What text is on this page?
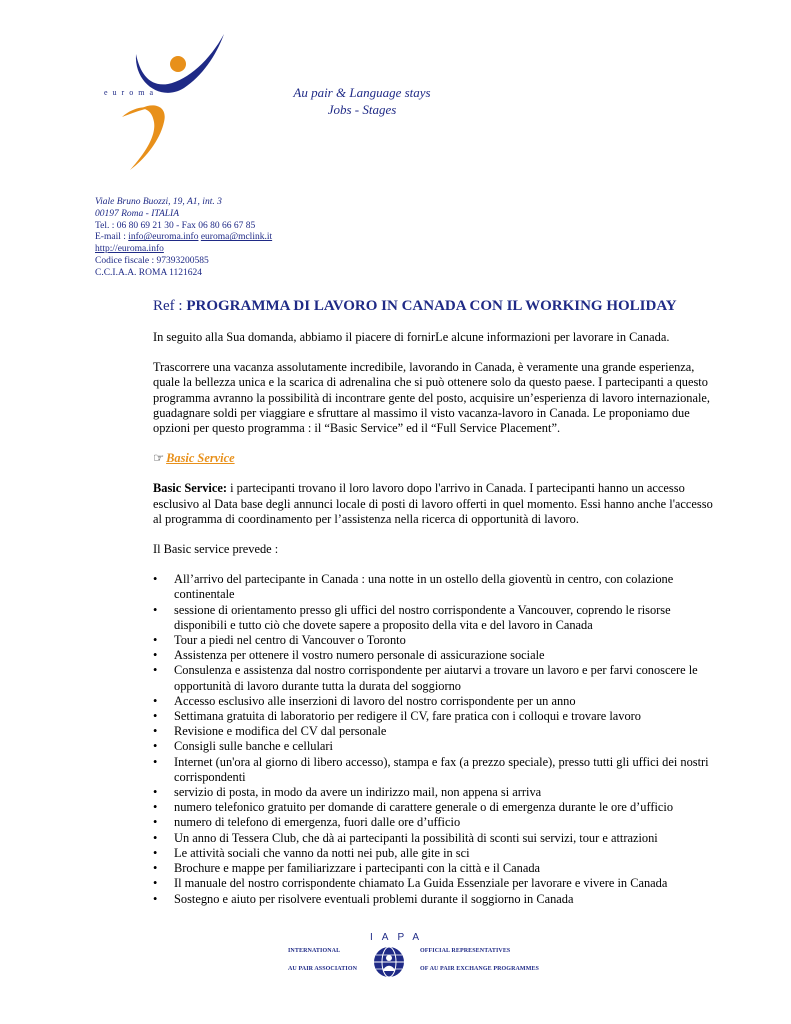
euroma	Au pair & Language stays
Jobs - Stages
Viale Bruno Buozzi, 19, A1, int. 3
00197 Roma - ITALIA
Tel. : 06 80 69 21 30 - Fax 06 80 66 67 85
E-mail : info@euroma.info euroma@mclink.it
http://euroma.info
Codice fiscale : 97393200585
C.C.I.A.A. ROMA 1121624
Ref : PROGRAMMA DI LAVORO IN CANADA CON IL WORKING HOLIDAY

In seguito alla Sua domanda, abbiamo il piacere di fornirLe alcune informazioni per lavorare in Canada.

Trascorrere una vacanza assolutamente incredibile, lavorando in Canada, è veramente una grande esperienza, quale la bellezza unica e la scarica di adrenalina che si può ottenere solo da questo paese. I partecipanti a questo programma avranno la possibilità di incontrare gente del posto, acquisire un’esperienza di lavoro internazionale, guadagnare soldi per viaggiare e sfruttare al massimo il visto vacanza-lavoro in Canada. Le proponiamo due opzioni per questo programma : il “Basic Service” ed il “Full Service Placement”.

☞ Basic Service

Basic Service: i partecipanti trovano il loro lavoro dopo l'arrivo in Canada. I partecipanti hanno un accesso esclusivo al Data base degli annunci locale di posti di lavoro offerti in quel momento. Essi hanno anche l'accesso al programma di coordinamento per l’assistenza nella ricerca di opportunità di lavoro.

Il Basic service prevede :

• All’arrivo del partecipante in Canada : una notte in un ostello della gioventù in centro, con colazione continentale
• sessione di orientamento presso gli uffici del nostro corrispondente a Vancouver, coprendo le risorse disponibili e tutto ciò che dovete sapere a proposito della vita e del lavoro in Canada
• Tour a piedi nel centro di Vancouver o Toronto
• Assistenza per ottenere il vostro numero personale di assicurazione sociale
• Consulenza e assistenza dal nostro corrispondente per aiutarvi a trovare un lavoro e per farvi conoscere le opportunità di lavoro durante tutta la durata del soggiorno
• Accesso esclusivo alle inserzioni di lavoro del nostro corrispondente per un anno
• Settimana gratuita di laboratorio per redigere il CV, fare pratica con i colloqui e trovare lavoro
• Revisione e modifica del CV dal personale
• Consigli sulle banche e cellulari
• Internet (un'ora al giorno di libero accesso), stampa e fax (a prezzo speciale), presso tutti gli uffici dei nostri corrispondenti
• servizio di posta, in modo da avere un indirizzo mail, non appena si arriva
• numero telefonico gratuito per domande di carattere generale o di emergenza durante le ore d’ufficio
• numero di telefono di emergenza, fuori dalle ore d’ufficio
• Un anno di Tessera Club, che dà ai partecipanti la possibilità di sconti sui servizi, tour e attrazioni
• Le attività sociali che vanno da notti nei pub, alle gite in sci
• Brochure e mappe per familiarizzare i partecipanti con la città e il Canada
• Il manuale del nostro corrispondente chiamato La Guida Essenziale per lavorare e vivere in Canada
• Sostegno e aiuto per risolvere eventuali problemi durante il soggiorno in Canada
IAPA
INTERNATIONAL
AU PAIR ASSOCIATION
OFFICIAL REPRESENTATIVES
OF AU PAIR EXCHANGE PROGRAMMES
